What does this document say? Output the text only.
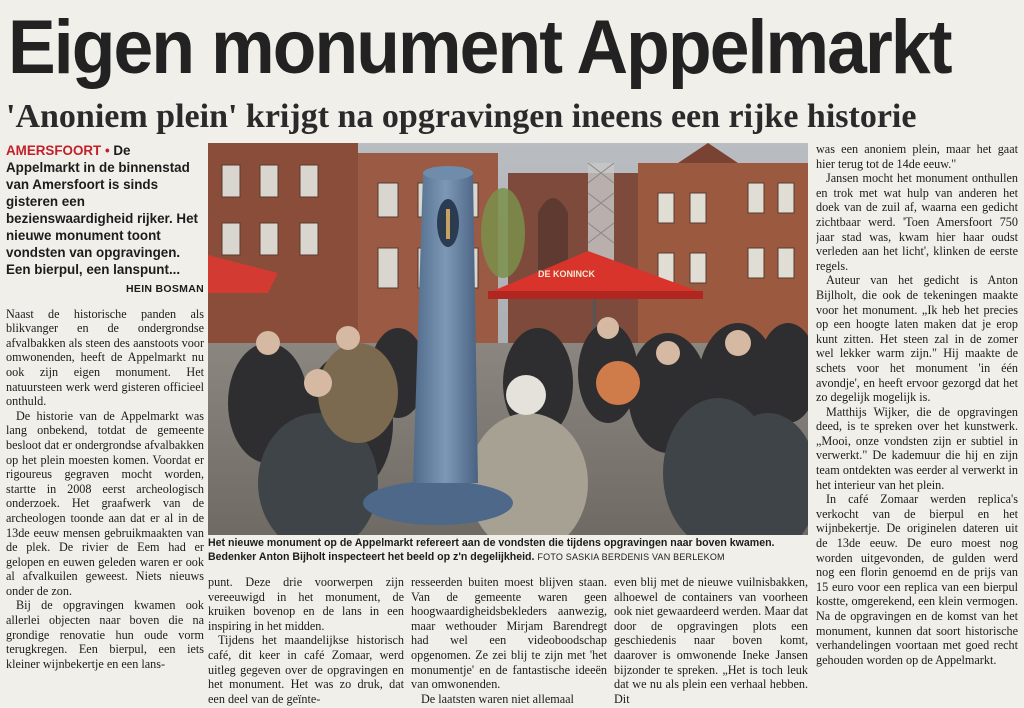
Eigen monument Appelmarkt
'Anoniem plein' krijgt na opgravingen ineens een rijke historie
AMERSFOORT • De Appelmarkt in de binnenstad van Amersfoort is sinds gisteren een bezienswaardigheid rijker. Het nieuwe monument toont vondsten van opgravingen. Een bierpul, een lanspunt...
HEIN BOSMAN

Naast de historische panden als blikvanger en de ondergrondse afvalbakken als steen des aanstoots voor omwonenden, heeft de Appelmarkt nu ook zijn eigen monument. Het natuursteen werk werd gisteren officieel onthuld.

De historie van de Appelmarkt was lang onbekend, totdat de gemeente besloot dat er ondergrondse afvalbakken op het plein moesten komen. Voordat er rigoureus gegraven mocht worden, startte in 2008 eerst archeologisch onderzoek. Het graafwerk van de archeologen toonde aan dat er al in de 13de eeuw mensen gebruikmaakten van de plek. De rivier de Eem had er gelopen en euwen geleden waren er ook al afvalkuilen geweest. Niets nieuws onder de zon.

Bij de opgravingen kwamen ook allerlei objecten naar boven die na grondige renovatie hun oude vorm terugkregen. Een bierpul, een iets kleiner wijnbekertje en een lans-

DE KONINCK
Het nieuwe monument op de Appelmarkt refereert aan de vondsten die tijdens opgravingen naar boven kwamen. Bedenker Anton Bijholt inspecteert het beeld op z'n degelijkheid. FOTO SASKIA BERDENIS VAN BERLEKOM

punt. Deze drie voorwerpen zijn vereeuwigd in het monument, de kruiken bovenop en de lans in een inspiring in het midden.

Tijdens het maandelijkse historisch café, dit keer in café Zomaar, werd uitleg gegeven over de opgravingen en het monument. Het was zo druk, dat een deel van de geïnte-

resseerden buiten moest blijven staan. Van de gemeente waren geen hoogwaardigheidsbekleders aanwezig, maar wethouder Mirjam Barendregt had wel een videoboodschap opgenomen. Ze zei blij te zijn met 'het monumentje' en de fantastische ideeën van omwonenden.

De laatsten waren niet allemaal

even blij met de nieuwe vuilnisbakken, alhoewel de containers van voorheen ook niet gewaardeerd werden. Maar dat door de opgravingen plots een geschiedenis naar boven komt, daarover is omwonende Ineke Jansen bijzonder te spreken. „Het is toch leuk dat we nu als plein een verhaal hebben. Dit

was een anoniem plein, maar het gaat hier terug tot de 14de eeuw."

Jansen mocht het monument onthullen en trok met wat hulp van anderen het doek van de zuil af, waarna een gedicht zichtbaar werd. 'Toen Amersfoort 750 jaar stad was, kwam hier haar oudst verleden aan het licht', klinken de eerste regels.

Auteur van het gedicht is Anton Bijlholt, die ook de tekeningen maakte voor het monument. „Ik heb het precies op een hoogte laten maken dat je erop kunt zitten. Het steen zal in de zomer wel lekker warm zijn." Hij maakte de schets voor het monument 'in één avondje', en heeft ervoor gezorgd dat het zo degelijk mogelijk is.

Matthijs Wijker, die de opgravingen deed, is te spreken over het kunstwerk. „Mooi, onze vondsten zijn er subtiel in verwerkt." De kademuur die hij en zijn team ontdekten was eerder al verwerkt in het interieur van het plein.

In café Zomaar werden replica's verkocht van de bierpul en het wijnbekertje. De originelen dateren uit de 13de eeuw. De euro moest nog worden uitgevonden, de gulden werd nog een florin genoemd en de prijs van 15 euro voor een replica van een bierpul kostte, omgerekend, een klein vermogen. Na de opgravingen en de komst van het monument, kunnen dat soort historische verhandelingen voortaan met goed recht gehouden worden op de Appelmarkt.
